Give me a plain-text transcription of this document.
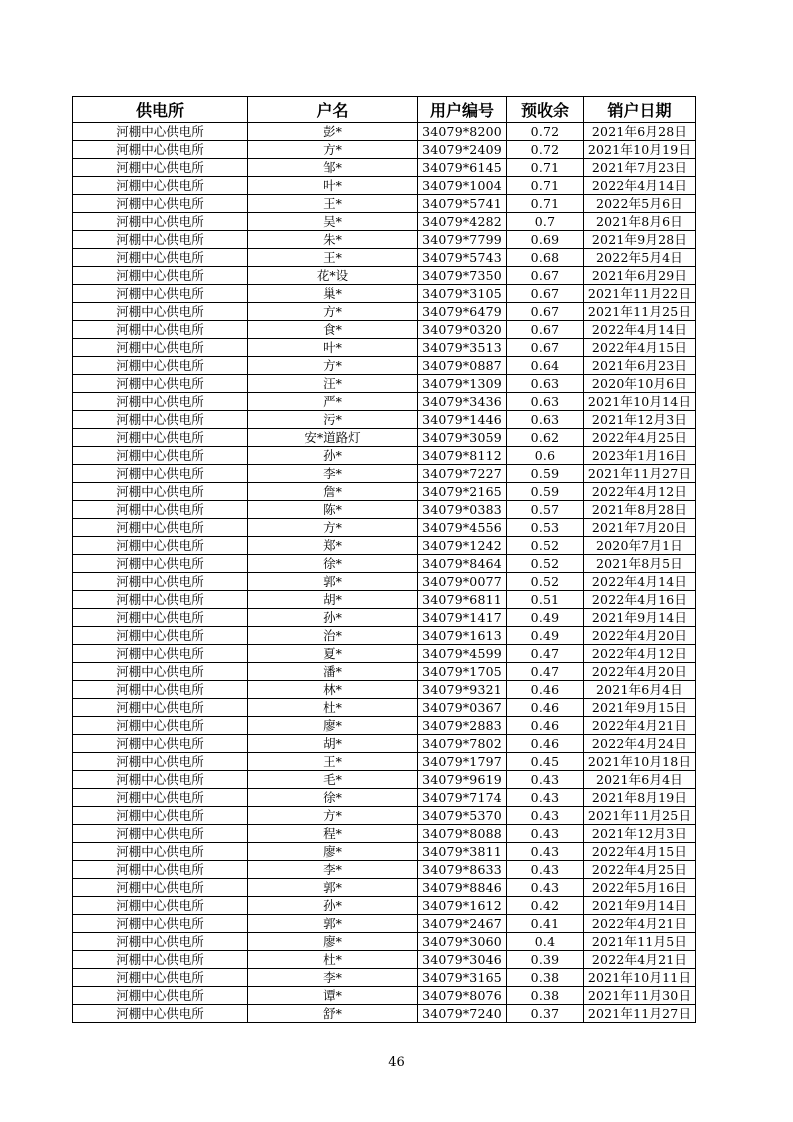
供电所	户名	用户编号	预收余	销户日期
河棚中心供电所	彭*	34079*8200	0.72	2021年6月28日
河棚中心供电所	方*	34079*2409	0.72	2021年10月19日
河棚中心供电所	邹*	34079*6145	0.71	2021年7月23日
河棚中心供电所	叶*	34079*1004	0.71	2022年4月14日
河棚中心供电所	王*	34079*5741	0.71	2022年5月6日
河棚中心供电所	吴*	34079*4282	0.7	2021年8月6日
河棚中心供电所	朱*	34079*7799	0.69	2021年9月28日
河棚中心供电所	王*	34079*5743	0.68	2022年5月4日
河棚中心供电所	花*设	34079*7350	0.67	2021年6月29日
河棚中心供电所	巢*	34079*3105	0.67	2021年11月22日
河棚中心供电所	方*	34079*6479	0.67	2021年11月25日
河棚中心供电所	食*	34079*0320	0.67	2022年4月14日
河棚中心供电所	叶*	34079*3513	0.67	2022年4月15日
河棚中心供电所	方*	34079*0887	0.64	2021年6月23日
河棚中心供电所	汪*	34079*1309	0.63	2020年10月6日
河棚中心供电所	严*	34079*3436	0.63	2021年10月14日
河棚中心供电所	污*	34079*1446	0.63	2021年12月3日
河棚中心供电所	安*道路灯	34079*3059	0.62	2022年4月25日
河棚中心供电所	孙*	34079*8112	0.6	2023年1月16日
河棚中心供电所	李*	34079*7227	0.59	2021年11月27日
河棚中心供电所	詹*	34079*2165	0.59	2022年4月12日
河棚中心供电所	陈*	34079*0383	0.57	2021年8月28日
河棚中心供电所	方*	34079*4556	0.53	2021年7月20日
河棚中心供电所	郑*	34079*1242	0.52	2020年7月1日
河棚中心供电所	徐*	34079*8464	0.52	2021年8月5日
河棚中心供电所	郭*	34079*0077	0.52	2022年4月14日
河棚中心供电所	胡*	34079*6811	0.51	2022年4月16日
河棚中心供电所	孙*	34079*1417	0.49	2021年9月14日
河棚中心供电所	治*	34079*1613	0.49	2022年4月20日
河棚中心供电所	夏*	34079*4599	0.47	2022年4月12日
河棚中心供电所	潘*	34079*1705	0.47	2022年4月20日
河棚中心供电所	林*	34079*9321	0.46	2021年6月4日
河棚中心供电所	杜*	34079*0367	0.46	2021年9月15日
河棚中心供电所	廖*	34079*2883	0.46	2022年4月21日
河棚中心供电所	胡*	34079*7802	0.46	2022年4月24日
河棚中心供电所	王*	34079*1797	0.45	2021年10月18日
河棚中心供电所	毛*	34079*9619	0.43	2021年6月4日
河棚中心供电所	徐*	34079*7174	0.43	2021年8月19日
河棚中心供电所	方*	34079*5370	0.43	2021年11月25日
河棚中心供电所	程*	34079*8088	0.43	2021年12月3日
河棚中心供电所	廖*	34079*3811	0.43	2022年4月15日
河棚中心供电所	李*	34079*8633	0.43	2022年4月25日
河棚中心供电所	郭*	34079*8846	0.43	2022年5月16日
河棚中心供电所	孙*	34079*1612	0.42	2021年9月14日
河棚中心供电所	郭*	34079*2467	0.41	2022年4月21日
河棚中心供电所	廖*	34079*3060	0.4	2021年11月5日
河棚中心供电所	杜*	34079*3046	0.39	2022年4月21日
河棚中心供电所	李*	34079*3165	0.38	2021年10月11日
河棚中心供电所	谭*	34079*8076	0.38	2021年11月30日
河棚中心供电所	舒*	34079*7240	0.37	2021年11月27日
46
